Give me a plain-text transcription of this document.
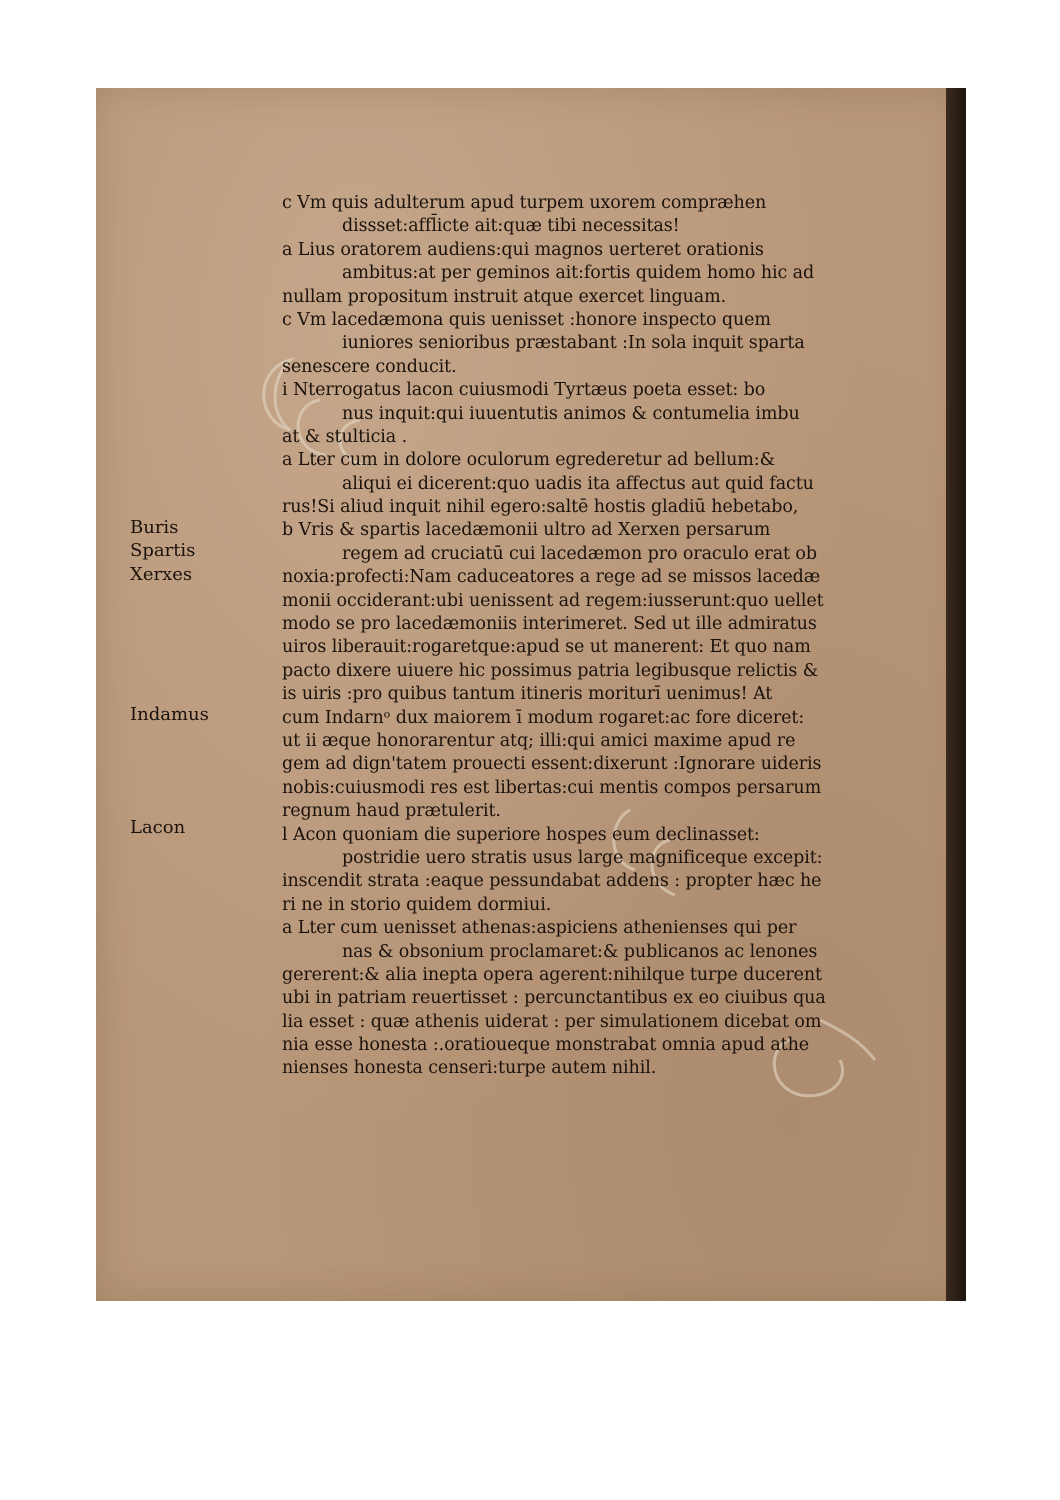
Buris
Spartis
Xerxes
Indamus
Lacon
c Vm quis adulterum apud turpem uxorem compræhen
dissset:affl̄icte ait:quæ tibi necessitas!
a Lius oratorem audiens:qui magnos uerteret orationis
ambitus:at per geminos ait:fortis quidem homo hic ad
nullam propositum instruit atque exercet linguam.
c Vm lacedæmona quis uenisset :honore inspecto quem
iuniores senioribus præstabant :In sola inquit sparta
senescere conducit.
i Nterrogatus lacon cuiusmodi Tyrtæus poeta esset: bo
nus inquit:qui iuuentutis animos & contumelia imbu
at & stulticia .
a Lter cum in dolore oculorum egrederetur ad bellum:&
aliqui ei dicerent:quo uadis ita affectus aut quid factu
rus!Si aliud inquit nihil egero:saltē hostis gladiū hebetabo,
b Vris & spartis lacedæmonii ultro ad Xerxen persarum
regem ad cruciatū cui lacedæmon pro oraculo erat ob
noxia:profecti:Nam caduceatores a rege ad se missos lacedæ
monii occiderant:ubi uenissent ad regem:iusserunt:quo uellet
modo se pro lacedæmoniis interimeret. Sed ut ille admiratus
uiros liberauit:rogaretque:apud se ut manerent: Et quo nam
pacto dixere uiuere hic possimus patria legibusque relictis &
is uiris :pro quibus tantum itineris moriturī uenimus! At
cum Indarnᵒ dux maiorem ī modum rogaret:ac fore diceret:
ut ii æque honorarentur atq; illi:qui amici maxime apud re
gem ad dign'tatem prouecti essent:dixerunt :Ignorare uideris
nobis:cuiusmodi res est libertas:cui mentis compos persarum
regnum haud prætulerit.
l Acon quoniam die superiore hospes eum declinasset:
postridie uero stratis usus large magnificeque excepit:
inscendit strata :eaque pessundabat addens : propter hæc he
ri ne in storio quidem dormiui.
a Lter cum uenisset athenas:aspiciens athenienses qui per
nas & obsonium proclamaret:& publicanos ac lenones
gererent:& alia inepta opera agerent:nihilque turpe ducerent
ubi in patriam reuertisset : percunctantibus ex eo ciuibus qua
lia esset : quæ athenis uiderat : per simulationem dicebat om
nia esse honesta :.oratioueque monstrabat omnia apud athe
nienses honesta censeri:turpe autem nihil.
